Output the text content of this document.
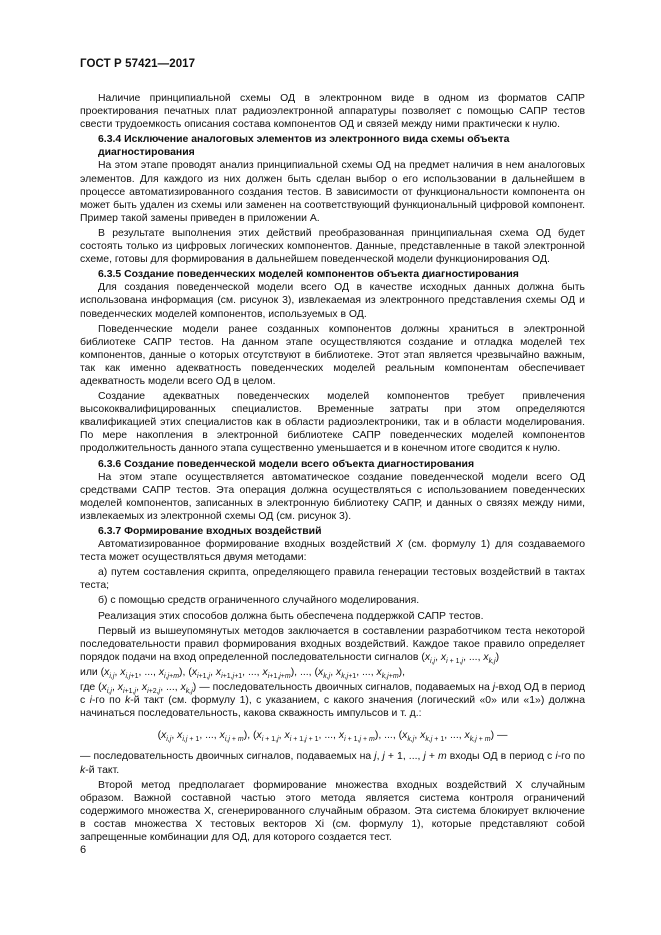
ГОСТ Р 57421—2017

Наличие принципиальной схемы ОД в электронном виде в одном из форматов САПР проектирования печатных плат радиоэлектронной аппаратуры позволяет с помощью САПР тестов свести трудоемкость описания состава компонентов ОД и связей между ними практически к нулю.

6.3.4 Исключение аналоговых элементов из электронного вида схемы объекта диагностирования

На этом этапе проводят анализ принципиальной схемы ОД на предмет наличия в нем аналоговых элементов. Для каждого из них должен быть сделан выбор о его использовании в дальнейшем в процессе автоматизированного создания тестов. В зависимости от функциональности компонента он может быть удален из схемы или заменен на соответствующий функциональный цифровой компонент. Пример такой замены приведен в приложении А.

В результате выполнения этих действий преобразованная принципиальная схема ОД будет состоять только из цифровых логических компонентов. Данные, представленные в такой электронной схеме, готовы для формирования в дальнейшем поведенческой модели функционирования ОД.

6.3.5 Создание поведенческих моделей компонентов объекта диагностирования

Для создания поведенческой модели всего ОД в качестве исходных данных должна быть использована информация (см. рисунок 3), извлекаемая из электронного представления схемы ОД и поведенческих моделей компонентов, используемых в ОД.

Поведенческие модели ранее созданных компонентов должны храниться в электронной библиотеке САПР тестов. На данном этапе осуществляются создание и отладка моделей тех компонентов, данные о которых отсутствуют в библиотеке. Этот этап является чрезвычайно важным, так как именно адекватность поведенческих моделей реальным компонентам обеспечивает адекватность модели всего ОД в целом.

Создание адекватных поведенческих моделей компонентов требует привлечения высококвалифицированных специалистов. Временные затраты при этом определяются квалификацией этих специалистов как в области радиоэлектроники, так и в области моделирования. По мере накопления в электронной библиотеке САПР поведенческих моделей компонентов продолжительность данного этапа существенно уменьшается и в конечном итоге сводится к нулю.

6.3.6 Создание поведенческой модели всего объекта диагностирования

На этом этапе осуществляется автоматическое создание поведенческой модели всего ОД средствами САПР тестов. Эта операция должна осуществляться с использованием поведенческих моделей компонентов, записанных в электронную библиотеку САПР, и данных о связях между ними, извлекаемых из электронной схемы ОД (см. рисунок 3).

6.3.7 Формирование входных воздействий

Автоматизированное формирование входных воздействий X (см. формулу 1) для создаваемого теста может осуществляться двумя методами:

а) путем составления скрипта, определяющего правила генерации тестовых воздействий в тактах теста;

б) с помощью средств ограниченного случайного моделирования.

Реализация этих способов должна быть обеспечена поддержкой САПР тестов.

Первый из вышеупомянутых методов заключается в составлении разработчиком теста некоторой последовательности правил формирования входных воздействий. Каждое такое правило определяет порядок подачи на вход определенной последовательности сигналов ($x_{i,j}$, $x_{i + 1,j}$, ..., $x_{k,j}$)

или ($x_{i,j}$, $x_{i,j+1}$, ..., $x_{i,j+m}$), ($x_{i+1,j}$, $x_{i+1,j+1}$, ..., $x_{i+1,j+m}$), ..., ($x_{k,j}$, $x_{k,j+1}$, ..., $x_{k,j+m}$),

где ($x_{i,j}$, $x_{i+1,j}$, $x_{i+2,j}$, ..., $x_{k,j}$) — последовательность двоичных сигналов, подаваемых на j-вход ОД в период с i-го по k-й такт (см. формулу 1), с указанием, с какого значения (логический «0» или «1») должна начинаться последовательность, какова скважность импульсов и т. д.:

($x_{i,j}$, $x_{i,j + 1}$, ..., $x_{i,j + m}$), ($x_{i + 1,j}$, $x_{i + 1,j + 1}$, ..., $x_{i + 1,j + m}$), ..., ($x_{k,j}$, $x_{k,j + 1}$, ..., $x_{k,j + m}$) —

— последовательность двоичных сигналов, подаваемых на j, j + 1, ..., j + m входы ОД в период с i-го по k-й такт.

Второй метод предполагает формирование множества входных воздействий X случайным образом. Важной составной частью этого метода является система контроля ограничений содержимого множества X, сгенерированного случайным образом. Эта система блокирует включение в состав множества X тестовых векторов Xi (см. формулу 1), которые представляют собой запрещенные комбинации для ОД, для которого создается тест.

6
